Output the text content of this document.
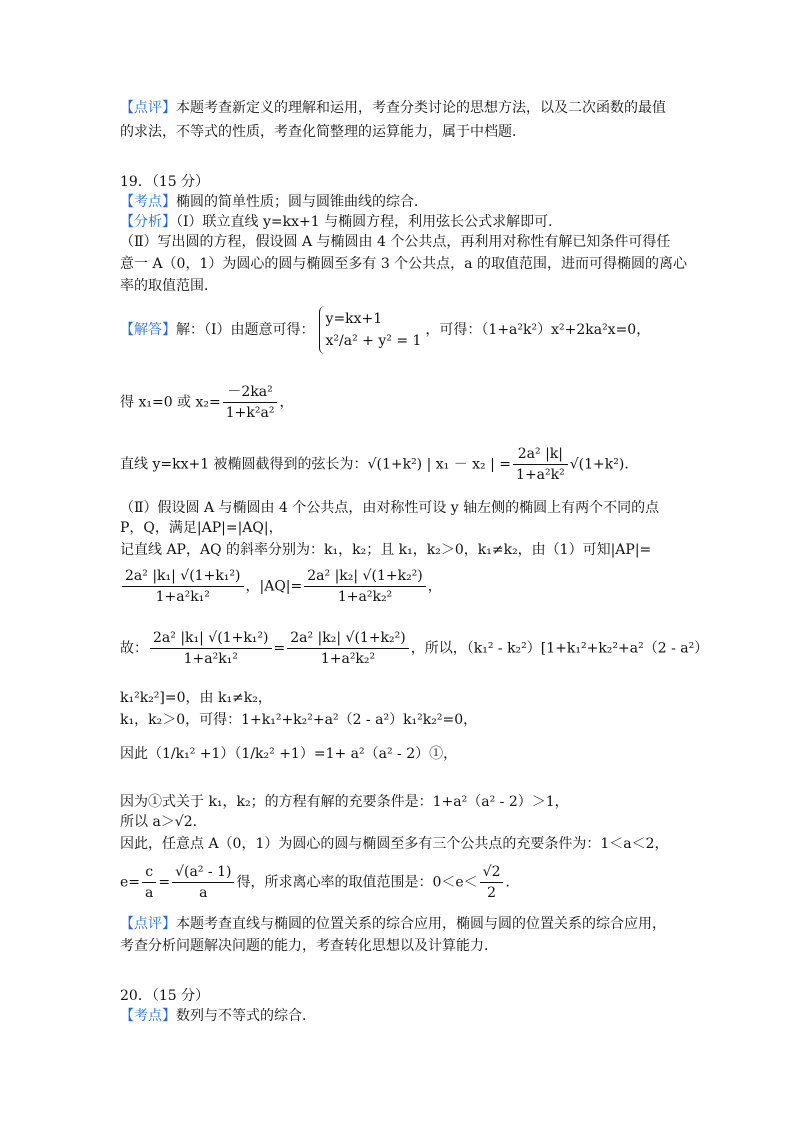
【点评】本题考查新定义的理解和运用，考查分类讨论的思想方法，以及二次函数的最值
的求法，不等式的性质，考查化简整理的运算能力，属于中档题．
19．（15 分）
【考点】椭圆的简单性质；圆与圆锥曲线的综合．
【分析】（Ⅰ）联立直线 y=kx+1 与椭圆方程，利用弦长公式求解即可．
（Ⅱ）写出圆的方程，假设圆 A 与椭圆由 4 个公共点，再利用对称性有解已知条件可得任
意一 A（0，1）为圆心的圆与椭圆至多有 3 个公共点，a 的取值范围，进而可得椭圆的离心
率的取值范围．
【解答】解：（Ⅰ）由题意可得：
y=kx+1
x²/a² + y² = 1
，可得：（1+a²k²）x²+2ka²x=0，
得 x₁=0 或 $x_2= \frac{\text{－2ka²}}{\text{1+k²a²}}$ ，
直线 y=kx+1 被椭圆截得到的弦长为：√(1+k²) | x₁ － x₂ | = $\frac{\text{2a² |k|}}{\text{1+a²k²}} √(1+k^2)$．
（Ⅱ）假设圆 A 与椭圆由 4 个公共点，由对称性可设 y 轴左侧的椭圆上有两个不同的点
P，Q，满足|AP|=|AQ|，
记直线 AP，AQ 的斜率分别为：k₁，k₂；且 k₁，k₂＞0，k₁≠k₂，由（1）可知|AP|=
$\frac{\text{2a² |k₁| √(1+k₁²)}}{\text{1+a²k₁²}}$ ，$|AQ|= \frac{\text{2a² |k₂| √(1+k₂²)}}{\text{1+a²k₂²}}$ ，
故： $\frac{\text{2a² |k₁| √(1+k₁²)}}{\text{1+a²k₁²}} = \frac{\text{2a² |k₂| √(1+k₂²)}}{\text{1+a²k₂²}}$ ，所以，（k₁² - k₂²）[1+k₁²+k₂²+a²（2 - a²）
k₁²k₂²]=0，由 k₁≠k₂，
k₁，k₂＞0，可得：1+k₁²+k₂²+a²（2 - a²）k₁²k₂²=0，
因此（1/k₁² +1）（1/k₂² +1）=1+ a²（a² - 2）①，
因为①式关于 k₁，k₂；的方程有解的充要条件是：1+a²（a² - 2）＞1，
所以 a＞√2．
因此，任意点 A（0，1）为圆心的圆与椭圆至多有三个公共点的充要条件为：1＜a＜2，
$e= \frac{c}{a} = \frac{\text{√(a² - 1)}}{a}$ 得，所求离心率的取值范围是：$0<e< \frac{√2}{2}$ ．
【点评】本题考查直线与椭圆的位置关系的综合应用，椭圆与圆的位置关系的综合应用，
考查分析问题解决问题的能力，考查转化思想以及计算能力．
20．（15 分）
【考点】数列与不等式的综合．
